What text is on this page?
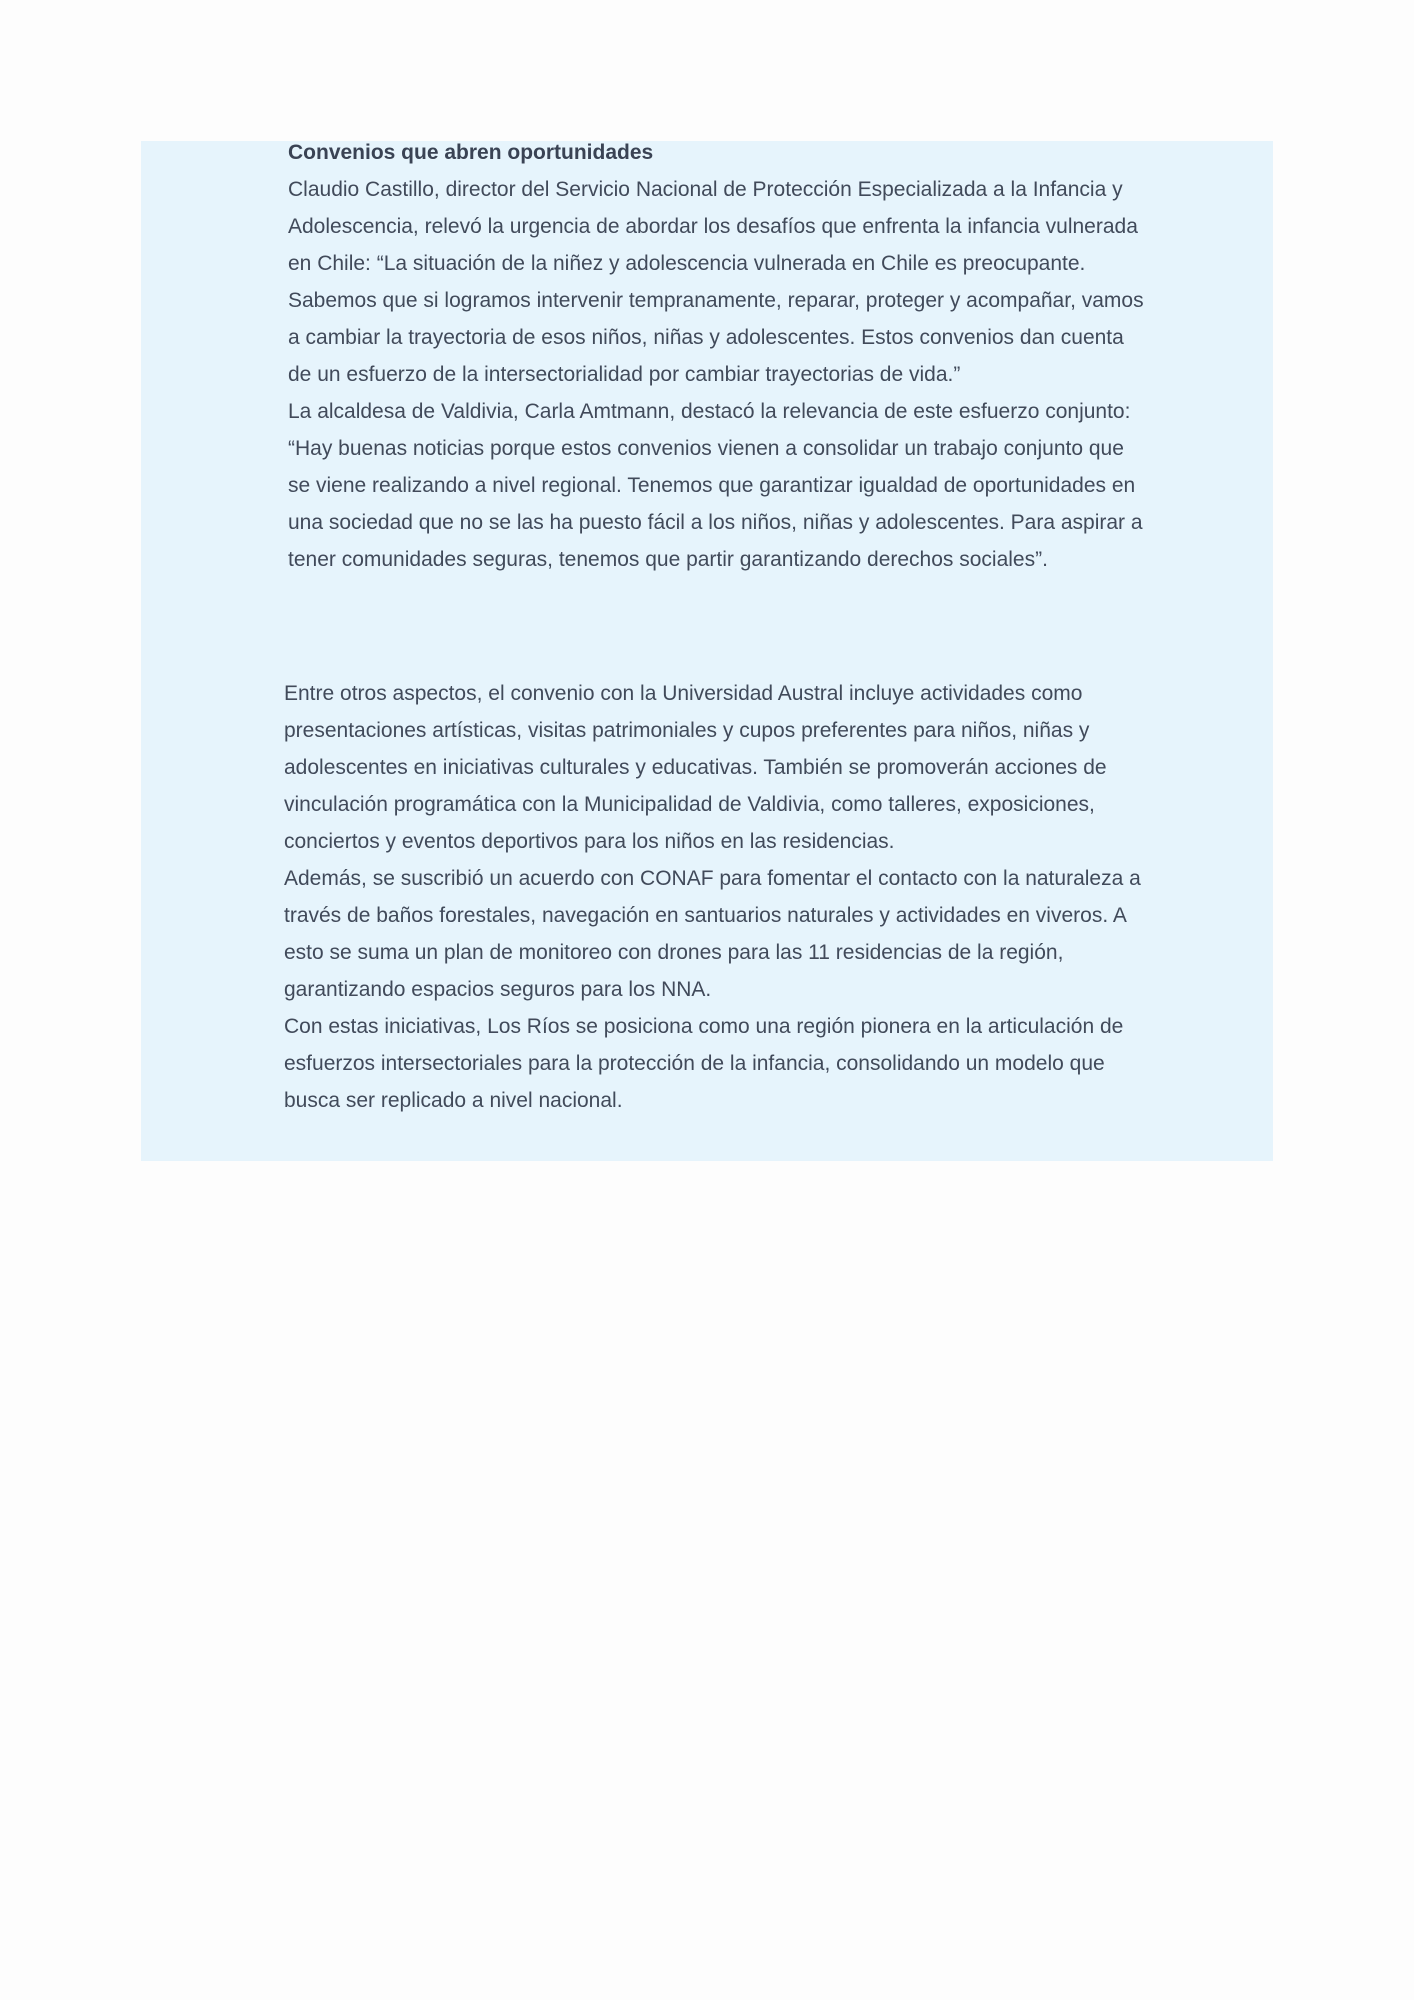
Convenios que abren oportunidades

Claudio Castillo, director del Servicio Nacional de Protección Especializada a la Infancia y Adolescencia, relevó la urgencia de abordar los desafíos que enfrenta la infancia vulnerada en Chile: “La situación de la niñez y adolescencia vulnerada en Chile es preocupante. Sabemos que si logramos intervenir tempranamente, reparar, proteger y acompañar, vamos a cambiar la trayectoria de esos niños, niñas y adolescentes. Estos convenios dan cuenta de un esfuerzo de la intersectorialidad por cambiar trayectorias de vida.”

La alcaldesa de Valdivia, Carla Amtmann, destacó la relevancia de este esfuerzo conjunto:

“Hay buenas noticias porque estos convenios vienen a consolidar un trabajo conjunto que se viene realizando a nivel regional. Tenemos que garantizar igualdad de oportunidades en una sociedad que no se las ha puesto fácil a los niños, niñas y adolescentes. Para aspirar a tener comunidades seguras, tenemos que partir garantizando derechos sociales”.

Entre otros aspectos, el convenio con la Universidad Austral incluye actividades como presentaciones artísticas, visitas patrimoniales y cupos preferentes para niños, niñas y adolescentes en iniciativas culturales y educativas. También se promoverán acciones de vinculación programática con la Municipalidad de Valdivia, como talleres, exposiciones, conciertos y eventos deportivos para los niños en las residencias.

Además, se suscribió un acuerdo con CONAF para fomentar el contacto con la naturaleza a través de baños forestales, navegación en santuarios naturales y actividades en viveros. A esto se suma un plan de monitoreo con drones para las 11 residencias de la región, garantizando espacios seguros para los NNA.

Con estas iniciativas, Los Ríos se posiciona como una región pionera en la articulación de esfuerzos intersectoriales para la protección de la infancia, consolidando un modelo que busca ser replicado a nivel nacional.
